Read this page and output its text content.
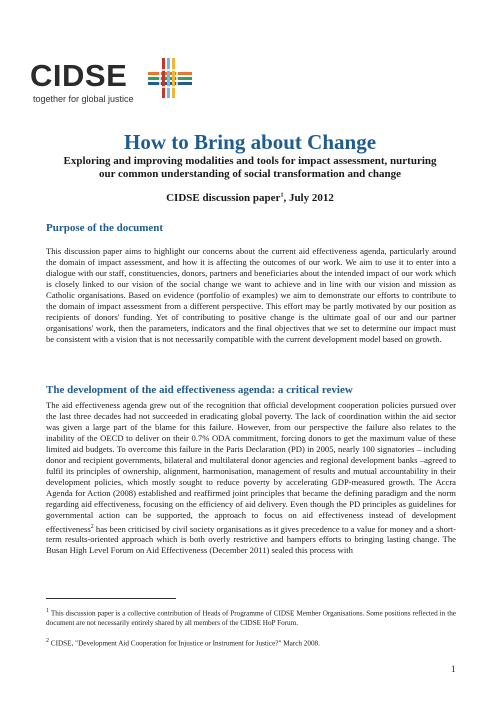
CIDSE
together for global justice
How to Bring about Change
Exploring and improving modalities and tools for impact assessment, nurturing our common understanding of social transformation and change
CIDSE discussion paper$^1$, July 2012
Purpose of the document
This discussion paper aims to highlight our concerns about the current aid effectiveness agenda, particularly around the domain of impact assessment, and how it is affecting the outcomes of our work. We aim to use it to enter into a dialogue with our staff, constituencies, donors, partners and beneficiaries about the intended impact of our work which is closely linked to our vision of the social change we want to achieve and in line with our vision and mission as Catholic organisations. Based on evidence (portfolio of examples) we aim to demonstrate our efforts to contribute to the domain of impact assessment from a different perspective. This effort may be partly motivated by our position as recipients of donors' funding. Yet of contributing to positive change is the ultimate goal of our and our partner organisations' work, then the parameters, indicators and the final objectives that we set to determine our impact must be consistent with a vision that is not necessarily compatible with the current development model based on growth.
The development of the aid effectiveness agenda: a critical review
The aid effectiveness agenda grew out of the recognition that official development cooperation policies pursued over the last three decades had not succeeded in eradicating global poverty. The lack of coordination within the aid sector was given a large part of the blame for this failure. However, from our perspective the failure also relates to the inability of the OECD to deliver on their 0.7% ODA commitment, forcing donors to get the maximum value of these limited aid budgets. To overcome this failure in the Paris Declaration (PD) in 2005, nearly 100 signatories – including donor and recipient governments, bilateral and multilateral donor agencies and regional development banks –agreed to fulfil its principles of ownership, alignment, harmonisation, management of results and mutual accountability in their development policies, which mostly sought to reduce poverty by accelerating GDP-measured growth. The Accra Agenda for Action (2008) established and reaffirmed joint principles that became the defining paradigm and the norm regarding aid effectiveness, focusing on the efficiency of aid delivery. Even though the PD principles as guidelines for governmental action can be supported, the approach to focus on aid effectiveness instead of development effectiveness$^2$ has been criticised by civil society organisations as it gives precedence to a value for money and a short-term results-oriented approach which is both overly restrictive and hampers efforts to bringing lasting change. The Busan High Level Forum on Aid Effectiveness (December 2011) sealed this process with
$^1$ This discussion paper is a collective contribution of Heads of Programme of CIDSE Member Organisations. Some positions reflected in the document are not necessarily entirely shared by all members of the CIDSE HoP Forum.
$^2$ CIDSE, "Development Aid Cooperation for Injustice or Instrument for Justice?" March 2008.
1
